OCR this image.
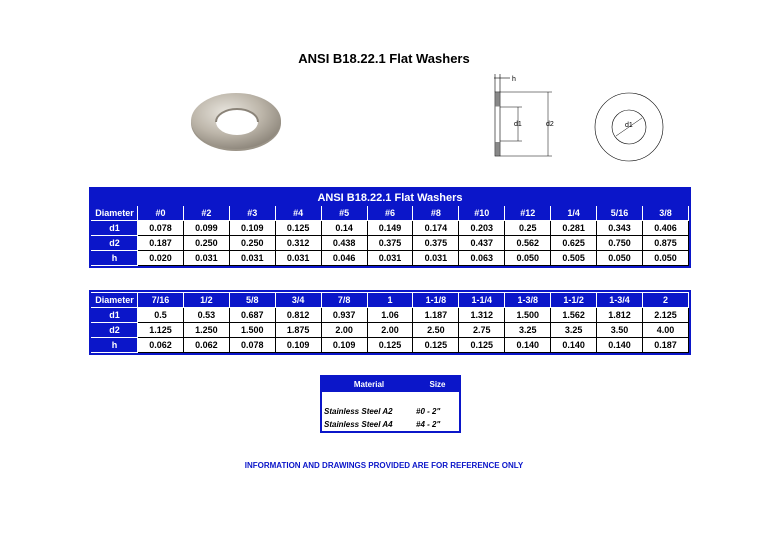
ANSI B18.22.1 Flat Washers
h
d1	d2	d1
ANSI B18.22.1 Flat Washers												
Diameter	#0	#2	#3	#4	#5	#6	#8	#10	#12	1/4	5/16	3/8
d1	0.078	0.099	0.109	0.125	0.14	0.149	0.174	0.203	0.25	0.281	0.343	0.406
d2	0.187	0.250	0.250	0.312	0.438	0.375	0.375	0.437	0.562	0.625	0.750	0.875
h	0.020	0.031	0.031	0.031	0.046	0.031	0.031	0.063	0.050	0.505	0.050	0.050
Diameter	7/16	1/2	5/8	3/4	7/8	1	1-1/8	1-1/4	1-3/8	1-1/2	1-3/4	2
d1	0.5	0.53	0.687	0.812	0.937	1.06	1.187	1.312	1.500	1.562	1.812	2.125
d2	1.125	1.250	1.500	1.875	2.00	2.00	2.50	2.75	3.25	3.25	3.50	4.00
h	0.062	0.062	0.078	0.109	0.109	0.125	0.125	0.125	0.140	0.140	0.140	0.187
Material	Size

Stainless Steel A2	#0 - 2"
Stainless Steel A4	#4 - 2"
INFORMATION AND DRAWINGS PROVIDED ARE FOR REFERENCE ONLY
